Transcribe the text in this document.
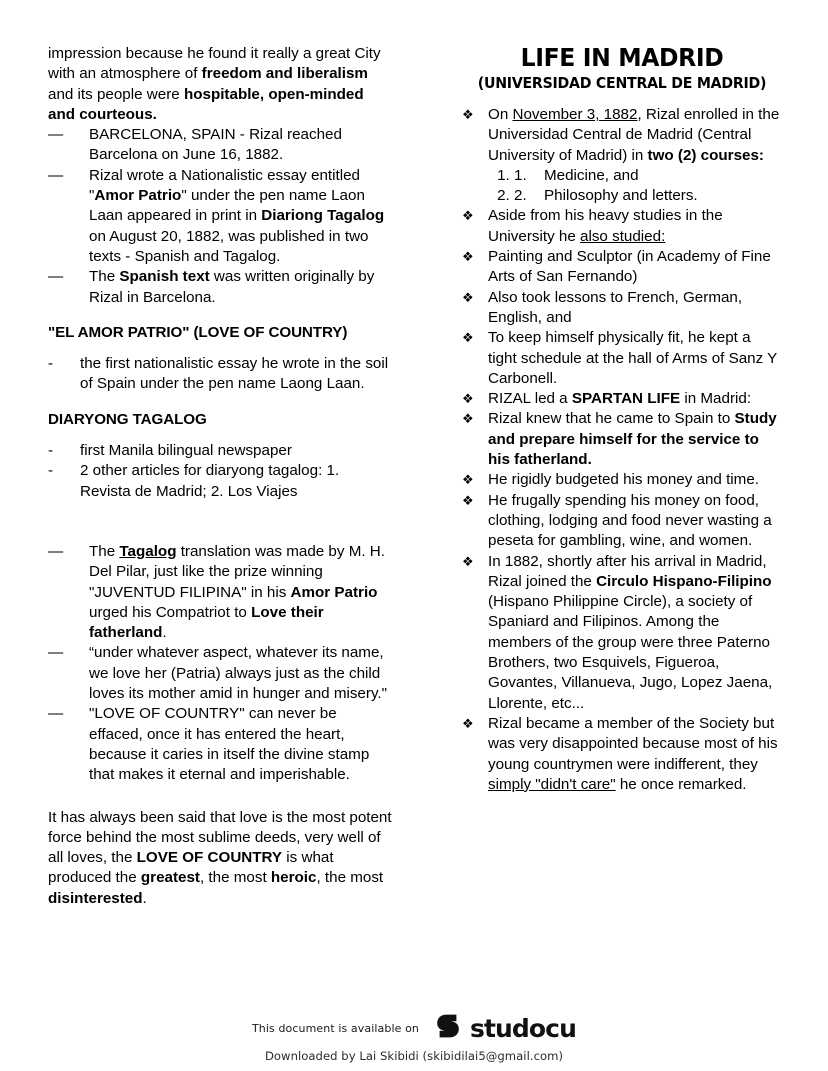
impression because he found it really a great City with an atmosphere of freedom and liberalism and its people were hospitable, open-minded and courteous.

—	BARCELONA, SPAIN - Rizal reached Barcelona on June 16, 1882.
—	Rizal wrote a Nationalistic essay entitled "Amor Patrio" under the pen name Laon Laan appeared in print in Diariong Tagalog on August 20, 1882, was published in two texts - Spanish and Tagalog.
—	The Spanish text was written originally by Rizal in Barcelona.

"EL AMOR PATRIO" (LOVE OF COUNTRY)

-	the first nationalistic essay he wrote in the soil of Spain under the pen name Laong Laan.

DIARYONG TAGALOG

-	first Manila bilingual newspaper
-	2 other articles for diaryong tagalog: 1. Revista de Madrid; 2. Los Viajes
—	The Tagalog translation was made by M. H. Del Pilar, just like the prize winning "JUVENTUD FILIPINA" in his Amor Patrio urged his Compatriot to Love their fatherland.
—	“under whatever aspect, whatever its name, we love her (Patria) always just as the child loves its mother amid in hunger and misery."
—	"LOVE OF COUNTRY" can never be effaced, once it has entered the heart, because it caries in itself the divine stamp that makes it eternal and imperishable.

It has always been said that love is the most potent force behind the most sublime deeds, very well of all loves, the LOVE OF COUNTRY is what produced the greatest, the most heroic, the most disinterested.

LIFE IN MADRID
(UNIVERSIDAD CENTRAL DE MADRID)
❖ On November 3, 1882, Rizal enrolled in the Universidad Central de Madrid (Central University of Madrid) in two (2) courses:
1. 1.	Medicine, and
2. 2.	Philosophy and letters.
❖ Aside from his heavy studies in the University he also studied:
❖ Painting and Sculptor (in Academy of Fine Arts of San Fernando)
❖ Also took lessons to French, German, English, and
❖ To keep himself physically fit, he kept a tight schedule at the hall of Arms of Sanz Y Carbonell.
❖ RIZAL led a SPARTAN LIFE in Madrid:
❖ Rizal knew that he came to Spain to Study and prepare himself for the service to his fatherland.
❖ He rigidly budgeted his money and time.
❖ He frugally spending his money on food, clothing, lodging and food never wasting a peseta for gambling, wine, and women.
❖ In 1882, shortly after his arrival in Madrid, Rizal joined the Circulo Hispano-Filipino (Hispano Philippine Circle), a society of Spaniard and Filipinos. Among the members of the group were three Paterno Brothers, two Esquivels, Figueroa, Govantes, Villanueva, Jugo, Lopez Jaena, Llorente, etc...
❖ Rizal became a member of the Society but was very disappointed because most of his young countrymen were indifferent, they simply "didn't care" he once remarked.
This document is available on studocu
Downloaded by Lai Skibidi (skibidilai5@gmail.com)
